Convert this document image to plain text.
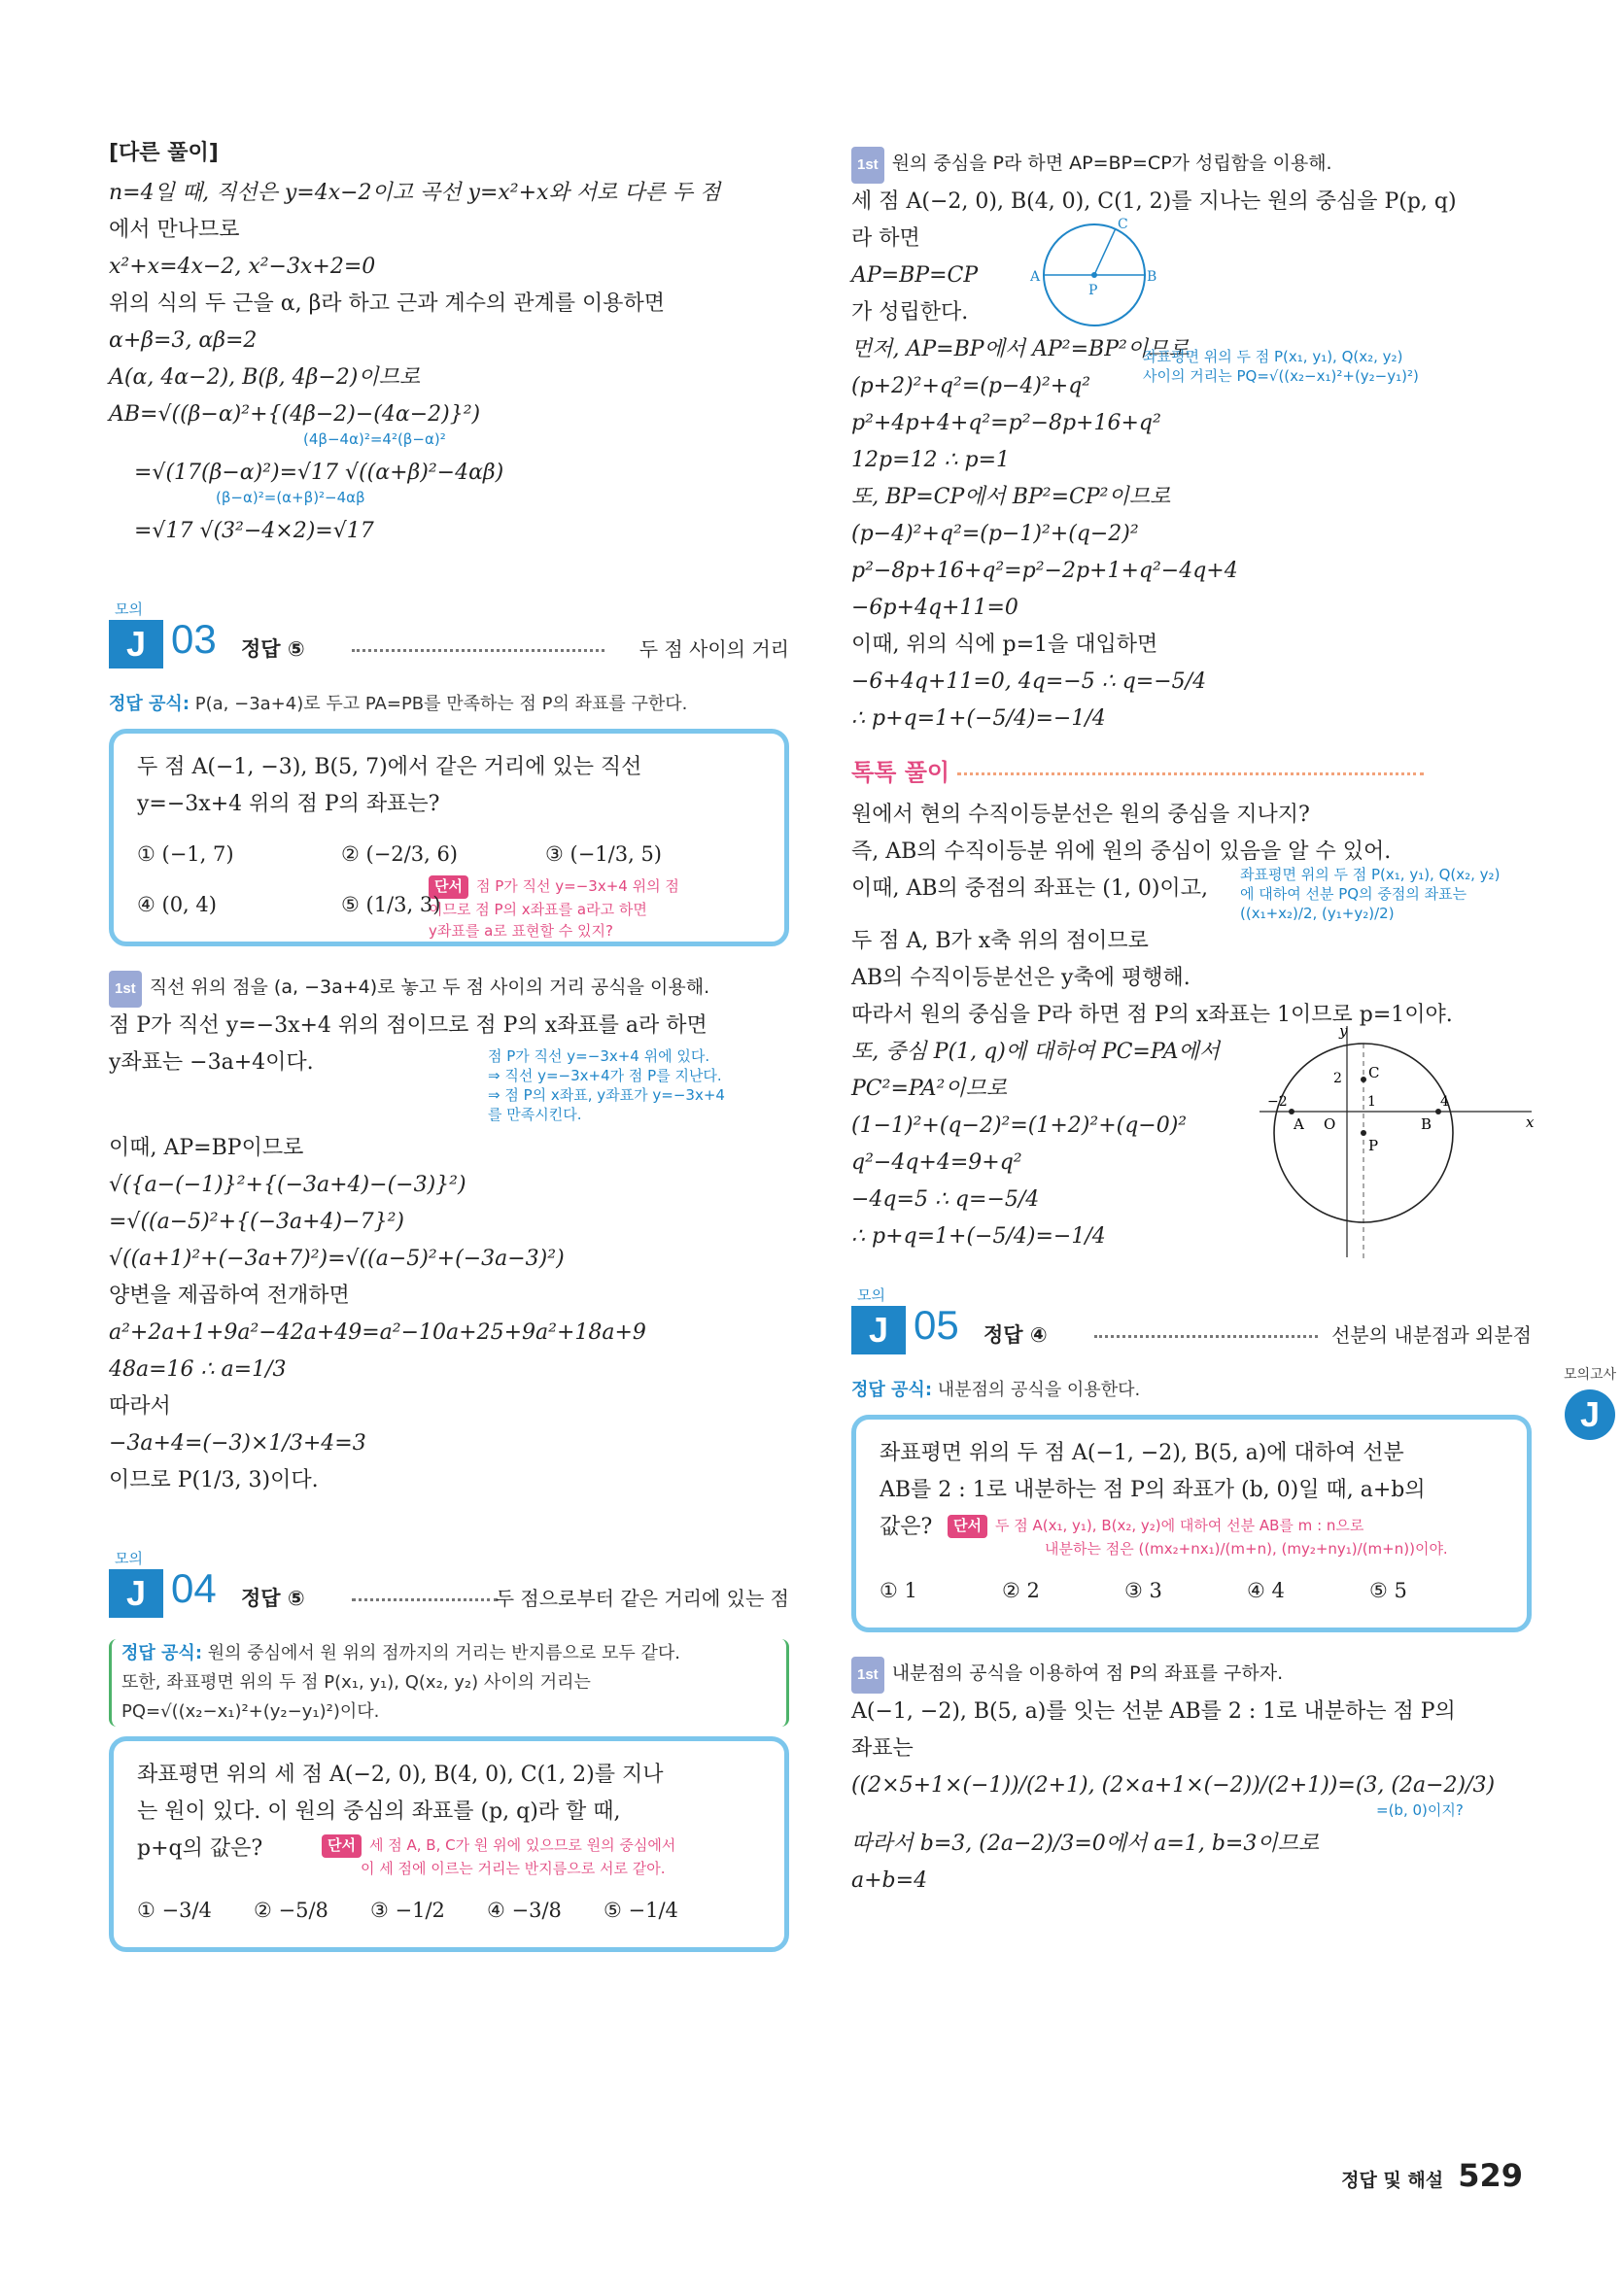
[다른 풀이]
n=4일 때, 직선은 y=4x−2이고 곡선 y=x²+x와 서로 다른 두 점
에서 만나므로
x²+x=4x−2, x²−3x+2=0
위의 식의 두 근을 α, β라 하고 근과 계수의 관계를 이용하면
α+β=3, αβ=2
A(α, 4α−2), B(β, 4β−2)이므로
AB=√((β−α)²+{(4β−2)−(4α−2)}²)
(4β−4α)²=4²(β−α)²
=√(17(β−α)²)=√17 √((α+β)²−4αβ)
(β−α)²=(α+β)²−4αβ
=√17 √(3²−4×2)=√17
모의
J 03 정답 ⑤	두 점 사이의 거리
정답 공식: P(a, −3a+4)로 두고 PA=PB를 만족하는 점 P의 좌표를 구한다.
두 점 A(−1, −3), B(5, 7)에서 같은 거리에 있는 직선
y=−3x+4 위의 점 P의 좌표는?
① (−1, 7)	② (−2/3, 6)	③ (−1/3, 5)
단서 점 P가 직선 y=−3x+4 위의 점
이므로 점 P의 x좌표를 a라고 하면
y좌표를 a로 표현할 수 있지?
④ (0, 4)	⑤ (1/3, 3)
1st 직선 위의 점을 (a, −3a+4)로 놓고 두 점 사이의 거리 공식을 이용해.
점 P가 직선 y=−3x+4 위의 점이므로 점 P의 x좌표를 a라 하면
y좌표는 −3a+4이다.	점 P가 직선 y=−3x+4 위에 있다.
⇒ 직선 y=−3x+4가 점 P를 지난다.
⇒ 점 P의 x좌표, y좌표가 y=−3x+4
를 만족시킨다.
이때, AP=BP이므로
√({a−(−1)}²+{(−3a+4)−(−3)}²)
=√((a−5)²+{(−3a+4)−7}²)
√((a+1)²+(−3a+7)²)=√((a−5)²+(−3a−3)²)
양변을 제곱하여 전개하면
a²+2a+1+9a²−42a+49=a²−10a+25+9a²+18a+9
48a=16 ∴ a=1/3
따라서
−3a+4=(−3)×1/3+4=3
이므로 P(1/3, 3)이다.
모의
J 04 정답 ⑤	두 점으로부터 같은 거리에 있는 점
정답 공식: 원의 중심에서 원 위의 점까지의 거리는 반지름으로 모두 같다.
또한, 좌표평면 위의 두 점 P(x₁, y₁), Q(x₂, y₂) 사이의 거리는
PQ=√((x₂−x₁)²+(y₂−y₁)²)이다.
좌표평면 위의 세 점 A(−2, 0), B(4, 0), C(1, 2)를 지나
는 원이 있다. 이 원의 중심의 좌표를 (p, q)라 할 때,
p+q의 값은?	단서 세 점 A, B, C가 원 위에 있으므로 원의 중심에서
이 세 점에 이르는 거리는 반지름으로 서로 같아.
① −3/4	② −5/8	③ −1/2	④ −3/8	⑤ −1/4
1st 원의 중심을 P라 하면 AP=BP=CP가 성립함을 이용해.
세 점 A(−2, 0), B(4, 0), C(1, 2)를 지나는 원의 중심을 P(p, q)
라 하면
AP=BP=CP
가 성립한다.
A	B
C
P
먼저, AP=BP에서 AP²=BP²이므로
(p+2)²+q²=(p−4)²+q²
좌표평면 위의 두 점 P(x₁, y₁), Q(x₂, y₂)
사이의 거리는 PQ=√((x₂−x₁)²+(y₂−y₁)²)
p²+4p+4+q²=p²−8p+16+q²
12p=12 ∴ p=1
또, BP=CP에서 BP²=CP²이므로
(p−4)²+q²=(p−1)²+(q−2)²
p²−8p+16+q²=p²−2p+1+q²−4q+4
−6p+4q+11=0
이때, 위의 식에 p=1을 대입하면
−6+4q+11=0, 4q=−5 ∴ q=−5/4
∴ p+q=1+(−5/4)=−1/4
톡톡 풀이
원에서 현의 수직이등분선은 원의 중심을 지나지?
즉, AB의 수직이등분 위에 원의 중심이 있음을 알 수 있어.
이때, AB의 중점의 좌표는 (1, 0)이고,
좌표평면 위의 두 점 P(x₁, y₁), Q(x₂, y₂)
에 대하여 선분 PQ의 중점의 좌표는
((x₁+x₂)/2, (y₁+y₂)/2)
두 점 A, B가 x축 위의 점이므로
AB의 수직이등분선은 y축에 평행해.
따라서 원의 중심을 P라 하면 점 P의 x좌표는 1이므로 p=1이야.
또, 중심 P(1, q)에 대하여 PC=PA에서
PC²=PA²이므로
(1−1)²+(q−2)²=(1+2)²+(q−0)²
q²−4q+4=9+q²
−4q=5 ∴ q=−5/4
∴ p+q=1+(−5/4)=−1/4
y
x
O
A	B
C
P
−2	4
2
1
모의
J 05 정답 ④	선분의 내분점과 외분점
정답 공식: 내분점의 공식을 이용한다.
좌표평면 위의 두 점 A(−1, −2), B(5, a)에 대하여 선분
AB를 2 : 1로 내분하는 점 P의 좌표가 (b, 0)일 때, a+b의
값은?	단서 두 점 A(x₁, y₁), B(x₂, y₂)에 대하여 선분 AB를 m : n으로
내분하는 점은 ((mx₂+nx₁)/(m+n), (my₂+ny₁)/(m+n))이야.
① 1	② 2	③ 3	④ 4	⑤ 5
1st 내분점의 공식을 이용하여 점 P의 좌표를 구하자.
A(−1, −2), B(5, a)를 잇는 선분 AB를 2 : 1로 내분하는 점 P의
좌표는
((2×5+1×(−1))/(2+1), (2×a+1×(−2))/(2+1))=(3, (2a−2)/3)
=(b, 0)이지?
따라서 b=3, (2a−2)/3=0에서 a=1, b=3이므로
a+b=4
모의고사
J
정답 및 해설 529
